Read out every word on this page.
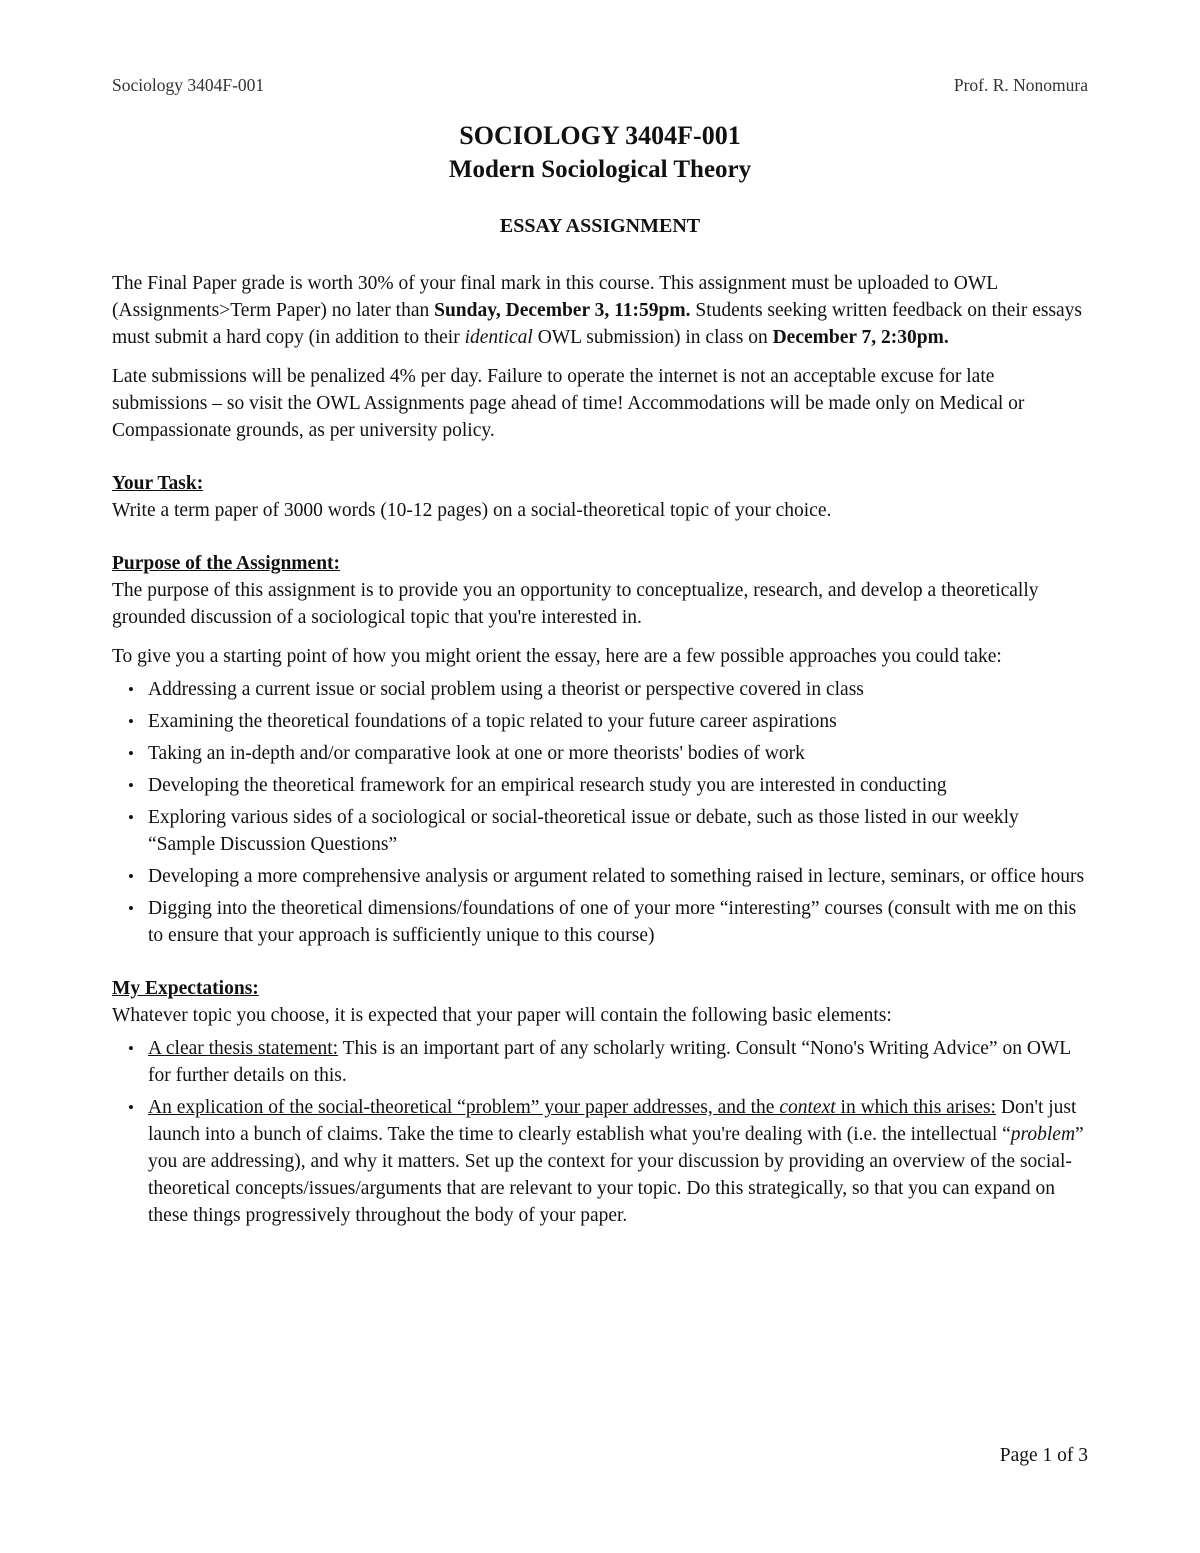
Sociology 3404F-001	Prof. R. Nonomura
SOCIOLOGY 3404F-001
Modern Sociological Theory
ESSAY ASSIGNMENT

The Final Paper grade is worth 30% of your final mark in this course. This assignment must be uploaded to OWL (Assignments>Term Paper) no later than Sunday, December 3, 11:59pm. Students seeking written feedback on their essays must submit a hard copy (in addition to their identical OWL submission) in class on December 7, 2:30pm.

Late submissions will be penalized 4% per day. Failure to operate the internet is not an acceptable excuse for late submissions – so visit the OWL Assignments page ahead of time! Accommodations will be made only on Medical or Compassionate grounds, as per university policy.

Your Task:

Write a term paper of 3000 words (10-12 pages) on a social-theoretical topic of your choice.

Purpose of the Assignment:

The purpose of this assignment is to provide you an opportunity to conceptualize, research, and develop a theoretically grounded discussion of a sociological topic that you're interested in.

To give you a starting point of how you might orient the essay, here are a few possible approaches you could take:

• Addressing a current issue or social problem using a theorist or perspective covered in class
• Examining the theoretical foundations of a topic related to your future career aspirations
• Taking an in-depth and/or comparative look at one or more theorists' bodies of work
• Developing the theoretical framework for an empirical research study you are interested in conducting
• Exploring various sides of a sociological or social-theoretical issue or debate, such as those listed in our weekly “Sample Discussion Questions”
• Developing a more comprehensive analysis or argument related to something raised in lecture, seminars, or office hours
• Digging into the theoretical dimensions/foundations of one of your more “interesting” courses (consult with me on this to ensure that your approach is sufficiently unique to this course)
My Expectations:

Whatever topic you choose, it is expected that your paper will contain the following basic elements:

• A clear thesis statement: This is an important part of any scholarly writing. Consult “Nono's Writing Advice” on OWL for further details on this.
• An explication of the social-theoretical “problem” your paper addresses, and the context in which this arises: Don't just launch into a bunch of claims. Take the time to clearly establish what you're dealing with (i.e. the intellectual “problem” you are addressing), and why it matters. Set up the context for your discussion by providing an overview of the social-theoretical concepts/issues/arguments that are relevant to your topic. Do this strategically, so that you can expand on these things progressively throughout the body of your paper.
Page 1 of 3
